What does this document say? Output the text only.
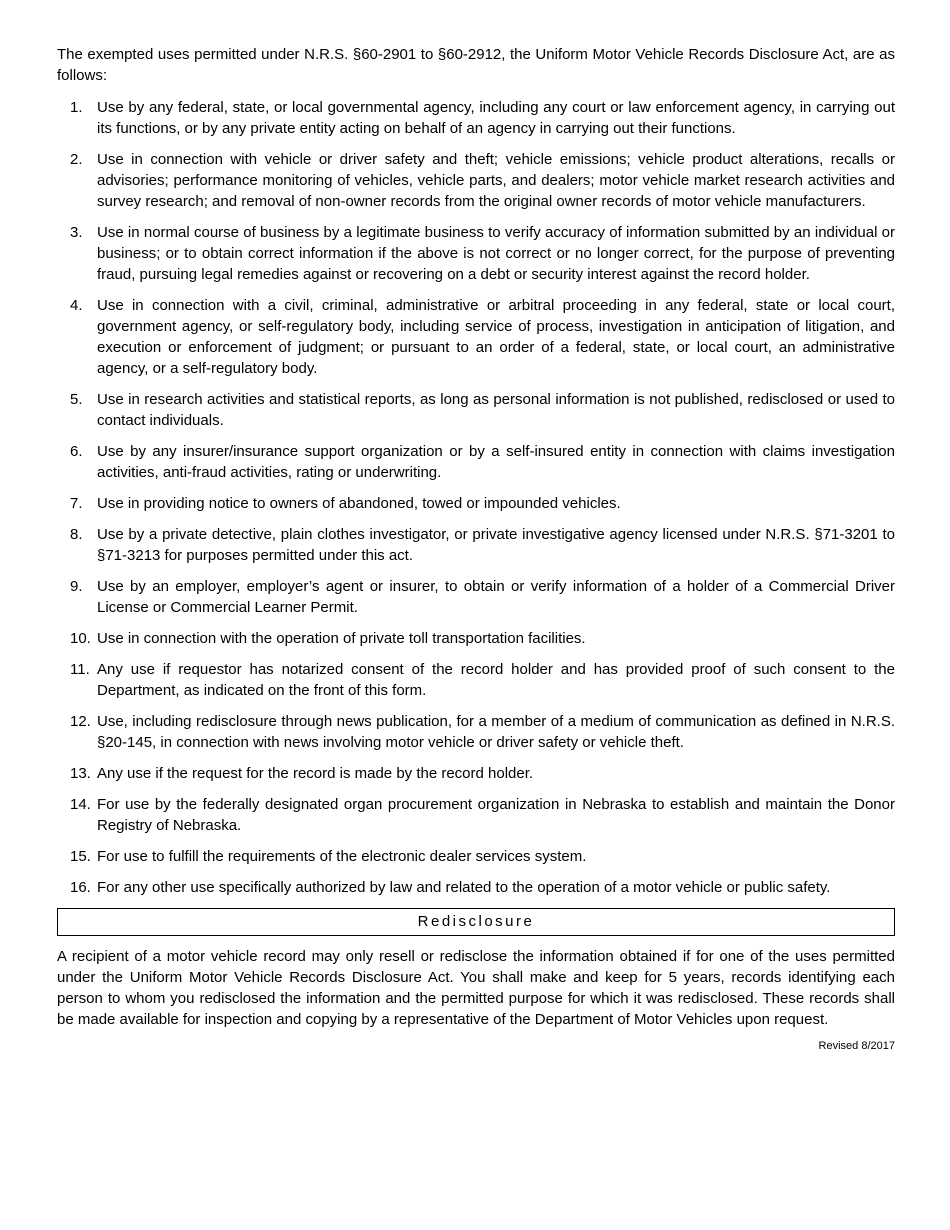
The exempted uses permitted under N.R.S. §60-2901 to §60-2912, the Uniform Motor Vehicle Records Disclosure Act, are as follows:

1. Use by any federal, state, or local governmental agency, including any court or law enforcement agency, in carrying out its functions, or by any private entity acting on behalf of an agency in carrying out their functions.
2. Use in connection with vehicle or driver safety and theft; vehicle emissions; vehicle product alterations, recalls or advisories; performance monitoring of vehicles, vehicle parts, and dealers; motor vehicle market research activities and survey research; and removal of non-owner records from the original owner records of motor vehicle manufacturers.
3. Use in normal course of business by a legitimate business to verify accuracy of information submitted by an individual or business; or to obtain correct information if the above is not correct or no longer correct, for the purpose of preventing fraud, pursuing legal remedies against or recovering on a debt or security interest against the record holder.
4. Use in connection with a civil, criminal, administrative or arbitral proceeding in any federal, state or local court, government agency, or self-regulatory body, including service of process, investigation in anticipation of litigation, and execution or enforcement of judgment; or pursuant to an order of a federal, state, or local court, an administrative agency, or a self-regulatory body.
5. Use in research activities and statistical reports, as long as personal information is not published, redisclosed or used to contact individuals.
6. Use by any insurer/insurance support organization or by a self-insured entity in connection with claims investigation activities, anti-fraud activities, rating or underwriting.
7. Use in providing notice to owners of abandoned, towed or impounded vehicles.
8. Use by a private detective, plain clothes investigator, or private investigative agency licensed under N.R.S. §71-3201 to §71-3213 for purposes permitted under this act.
9. Use by an employer, employer’s agent or insurer, to obtain or verify information of a holder of a Commercial Driver License or Commercial Learner Permit.
10. Use in connection with the operation of private toll transportation facilities.
11. Any use if requestor has notarized consent of the record holder and has provided proof of such consent to the Department, as indicated on the front of this form.
12. Use, including redisclosure through news publication, for a member of a medium of communication as defined in N.R.S. §20-145, in connection with news involving motor vehicle or driver safety or vehicle theft.
13. Any use if the request for the record is made by the record holder.
14. For use by the federally designated organ procurement organization in Nebraska to establish and maintain the Donor Registry of Nebraska.
15. For use to fulfill the requirements of the electronic dealer services system.
16. For any other use specifically authorized by law and related to the operation of a motor vehicle or public safety.
Redisclosure

A recipient of a motor vehicle record may only resell or redisclose the information obtained if for one of the uses permitted under the Uniform Motor Vehicle Records Disclosure Act. You shall make and keep for 5 years, records identifying each person to whom you redisclosed the information and the permitted purpose for which it was redisclosed. These records shall be made available for inspection and copying by a representative of the Department of Motor Vehicles upon request.

Revised 8/2017
